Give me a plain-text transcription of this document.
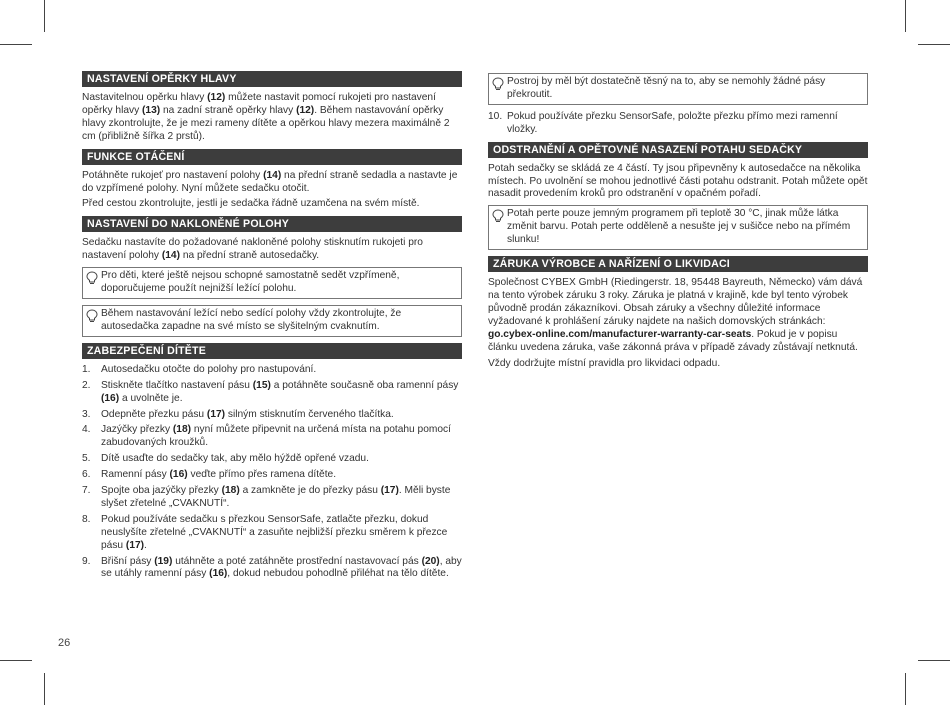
NASTAVENÍ OPĚRKY HLAVY

Nastavitelnou opěrku hlavy (12) můžete nastavit pomocí rukojeti pro nastavení opěrky hlavy (13) na zadní straně opěrky hlavy (12). Během nastavování opěrky hlavy zkontrolujte, že je mezi rameny dítěte a opěrkou hlavy mezera maximálně 2 cm (přibližně šířka 2 prstů).

FUNKCE OTÁČENÍ

Potáhněte rukojeť pro nastavení polohy (14) na přední straně sedadla a nastavte je do vzpřímené polohy. Nyní můžete sedačku otočit.

Před cestou zkontrolujte, jestli je sedačka řádně uzamčena na svém místě.

NASTAVENÍ DO NAKLONĚNÉ POLOHY

Sedačku nastavíte do požadované nakloněné polohy stisknutím rukojeti pro nastavení polohy (14) na přední straně autosedačky.

Pro děti, které ještě nejsou schopné samostatně sedět vzpřímeně, doporučujeme použít nejnižší ležící polohu.
Během nastavování ležící nebo sedící polohy vždy zkontrolujte, že autosedačka zapadne na své místo se slyšitelným cvaknutím.
ZABEZPEČENÍ DÍTĚTE
1. Autosedačku otočte do polohy pro nastupování.
2. Stiskněte tlačítko nastavení pásu (15) a potáhněte současně oba ramenní pásy (16) a uvolněte je.
3. Odepněte přezku pásu (17) silným stisknutím červeného tlačítka.
4. Jazýčky přezky (18) nyní můžete připevnit na určená místa na potahu pomocí zabudovaných kroužků.
5. Dítě usaďte do sedačky tak, aby mělo hýždě opřené vzadu.
6. Ramenní pásy (16) veďte přímo přes ramena dítěte.
7. Spojte oba jazýčky přezky (18) a zamkněte je do přezky pásu (17). Měli byste slyšet zřetelné „CVAKNUTÍ“.
8. Pokud používáte sedačku s přezkou SensorSafe, zatlačte přezku, dokud neuslyšíte zřetelné „CVAKNUTÍ“ a zasuňte nejbližší přezku směrem k přezce pásu (17).
9. Břišní pásy (19) utáhněte a poté zatáhněte prostřední nastavovací pás (20), aby se utáhly ramenní pásy (16), dokud nebudou pohodlně přiléhat na tělo dítěte.
Postroj by měl být dostatečně těsný na to, aby se nemohly žádné pásy překroutit.
10. Pokud používáte přezku SensorSafe, položte přezku přímo mezi ramenní vložky.
ODSTRANĚNÍ A OPĚTOVNÉ NASAZENÍ POTAHU SEDAČKY

Potah sedačky se skládá ze 4 částí. Ty jsou připevněny k autosedačce na několika místech. Po uvolnění se mohou jednotlivé části potahu odstranit. Potah můžete opět nasadit provedením kroků pro odstranění v opačném pořadí.

Potah perte pouze jemným programem při teplotě 30 °C, jinak může látka změnit barvu. Potah perte odděleně a nesušte jej v sušičce nebo na přímém slunku!
ZÁRUKA VÝROBCE A NAŘÍZENÍ O LIKVIDACI

Společnost CYBEX GmbH (Riedingerstr. 18, 95448 Bayreuth, Německo) vám dává na tento výrobek záruku 3 roky. Záruka je platná v krajině, kde byl tento výrobek původně prodán zákazníkovi. Obsah záruky a všechny důležité informace vyžadované k prohlášení záruky najdete na našich domovských stránkách: go.cybex-online.com/manufacturer-warranty-car-seats. Pokud je v popisu článku uvedena záruka, vaše zákonná práva v případě závady zůstávají netknutá.

Vždy dodržujte místní pravidla pro likvidaci odpadu.

26
